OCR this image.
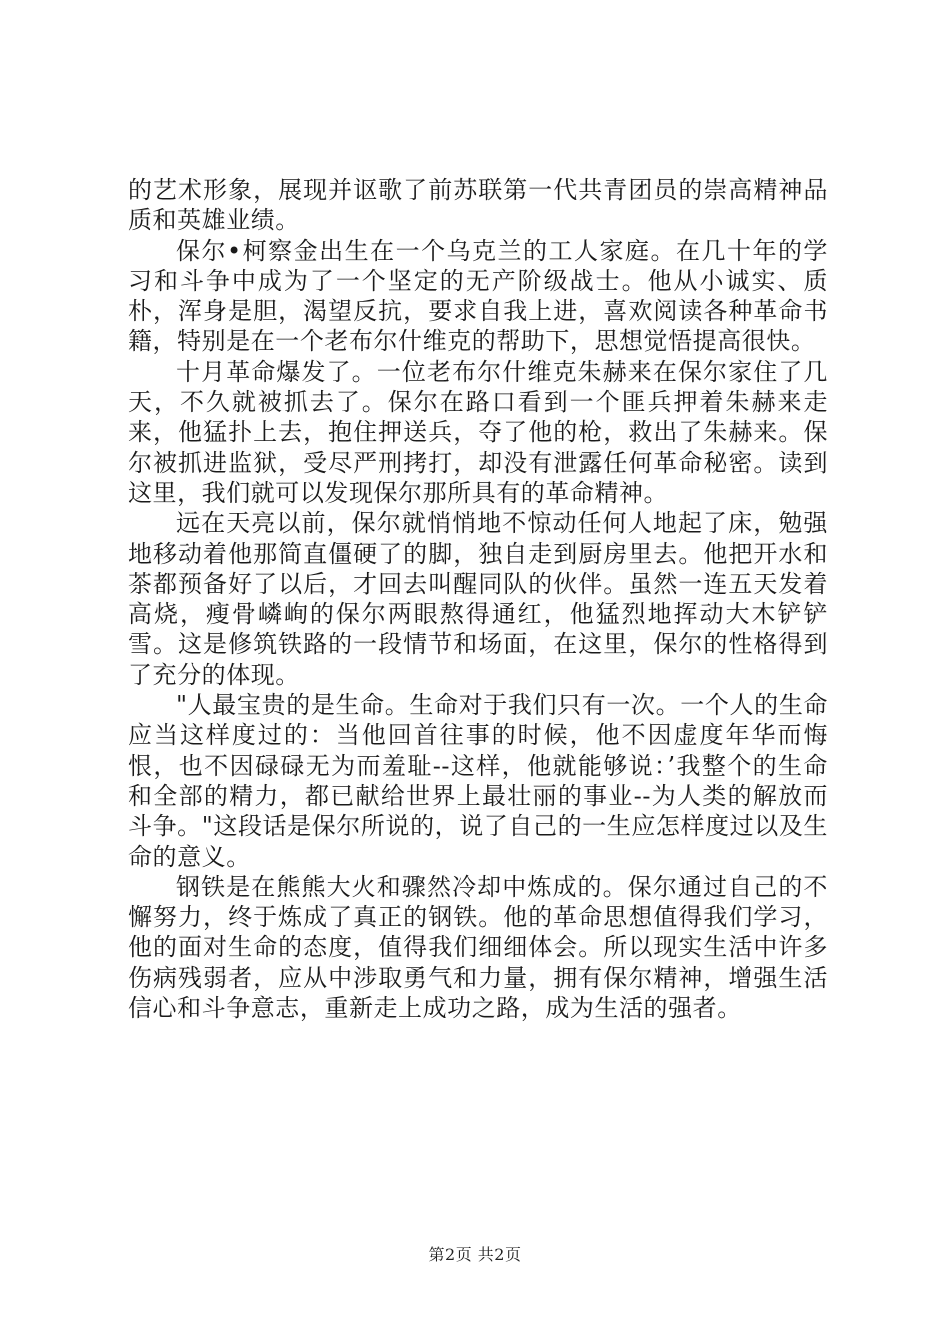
的艺术形象，展现并讴歌了前苏联第一代共青团员的崇高精神品质和英雄业绩。

保尔•柯察金出生在一个乌克兰的工人家庭。在几十年的学习和斗争中成为了一个坚定的无产阶级战士。他从小诚实、质朴，浑身是胆，渴望反抗，要求自我上进，喜欢阅读各种革命书籍，特别是在一个老布尔什维克的帮助下，思想觉悟提高很快。

十月革命爆发了。一位老布尔什维克朱赫来在保尔家住了几天，不久就被抓去了。保尔在路口看到一个匪兵押着朱赫来走来，他猛扑上去，抱住押送兵，夺了他的枪，救出了朱赫来。保尔被抓进监狱，受尽严刑拷打，却没有泄露任何革命秘密。读到这里，我们就可以发现保尔那所具有的革命精神。

远在天亮以前，保尔就悄悄地不惊动任何人地起了床，勉强地移动着他那简直僵硬了的脚，独自走到厨房里去。他把开水和茶都预备好了以后，才回去叫醒同队的伙伴。虽然一连五天发着高烧，瘦骨嶙峋的保尔两眼熬得通红，他猛烈地挥动大木铲铲雪。这是修筑铁路的一段情节和场面，在这里，保尔的性格得到了充分的体现。

"人最宝贵的是生命。生命对于我们只有一次。一个人的生命应当这样度过的：当他回首往事的时候，他不因虚度年华而悔恨，也不因碌碌无为而羞耻--这样，他就能够说：’我整个的生命和全部的精力，都已献给世界上最壮丽的事业--为人类的解放而斗争。"这段话是保尔所说的，说了自己的一生应怎样度过以及生命的意义。

钢铁是在熊熊大火和骤然冷却中炼成的。保尔通过自己的不懈努力，终于炼成了真正的钢铁。他的革命思想值得我们学习，他的面对生命的态度，值得我们细细体会。所以现实生活中许多伤病残弱者，应从中涉取勇气和力量，拥有保尔精神，增强生活信心和斗争意志，重新走上成功之路，成为生活的强者。

第2页 共2页
